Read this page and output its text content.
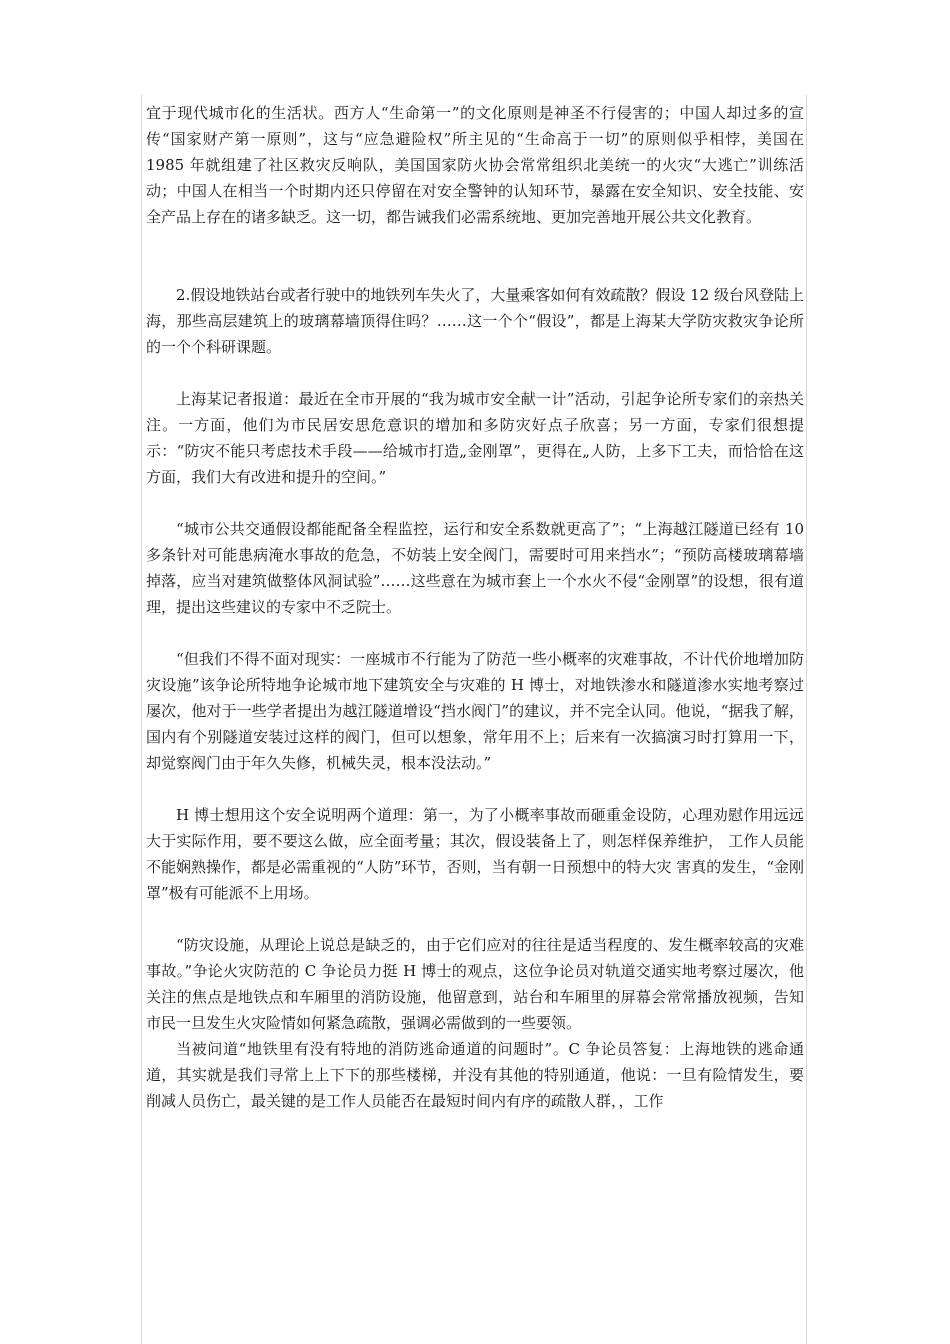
宜于现代城市化的生活状。西方人“生命第一”的文化原则是神圣不行侵害的；中国人却过多的宣传“国家财产第一原则”，这与“应急避险权”所主见的“生命高于一切”的原则似乎相悖，美国在 1985 年就组建了社区救灾反响队，美国国家防火协会常常组织北美统一的火灾“大逃亡”训练活动；中国人在相当一个时期内还只停留在对安全警钟的认知环节，暴露在安全知识、安全技能、安全产品上存在的诸多缺乏。这一切，都告诫我们必需系统地、更加完善地开展公共文化教育。

2.假设地铁站台或者行驶中的地铁列车失火了，大量乘客如何有效疏散？假设 12 级台风登陆上海，那些高层建筑上的玻璃幕墙顶得住吗？……这一个个“假设”，都是上海某大学防灾救灾争论所的一个个科研课题。

上海某记者报道：最近在全市开展的“我为城市安全献一计”活动，引起争论所专家们的亲热关注。一方面，他们为市民居安思危意识的增加和多防灾好点子欣喜；另一方面，专家们很想提示：“防灾不能只考虑技术手段——给城市打造„金刚罩”，更得在„人防，上多下工夫，而恰恰在这方面，我们大有改进和提升的空间。”

“城市公共交通假设都能配备全程监控，运行和安全系数就更高了”；“上海越江隧道已经有 10 多条针对可能患病淹水事故的危急，不妨装上安全阀门，需要时可用来挡水”；“预防高楼玻璃幕墙掉落，应当对建筑做整体风洞试验”……这些意在为城市套上一个水火不侵“金刚罩”的设想，很有道理，提出这些建议的专家中不乏院士。

“但我们不得不面对现实：一座城市不行能为了防范一些小概率的灾难事故，不计代价地增加防灾设施”该争论所特地争论城市地下建筑安全与灾难的 H 博士，对地铁渗水和隧道渗水实地考察过屡次，他对于一些学者提出为越江隧道增设“挡水阀门”的建议，并不完全认同。他说，“据我了解，国内有个别隧道安装过这样的阀门，但可以想象，常年用不上；后来有一次搞演习时打算用一下，却觉察阀门由于年久失修，机械失灵，根本没法动。”

H 博士想用这个安全说明两个道理：第一，为了小概率事故而砸重金设防，心理劝慰作用远远大于实际作用，要不要这么做，应全面考量；其次，假设装备上了，则怎样保养维护， 工作人员能不能娴熟操作，都是必需重视的“人防”环节，否则，当有朝一日预想中的特大灾 害真的发生，“金刚罩”极有可能派不上用场。

“防灾设施，从理论上说总是缺乏的，由于它们应对的往往是适当程度的、发生概率较高的灾难事故。”争论火灾防范的 C 争论员力挺 H 博士的观点，这位争论员对轨道交通实地考察过屡次，他关注的焦点是地铁点和车厢里的消防设施，他留意到，站台和车厢里的屏幕会常常播放视频，告知市民一旦发生火灾险情如何紧急疏散，强调必需做到的一些要领。

当被问道“地铁里有没有特地的消防逃命通道的问题时”。C 争论员答复：上海地铁的逃命通道，其实就是我们寻常上上下下的那些楼梯，并没有其他的特别通道，他说：一旦有险情发生，要削减人员伤亡，最关键的是工作人员能否在最短时间内有序的疏散人群，，工作
